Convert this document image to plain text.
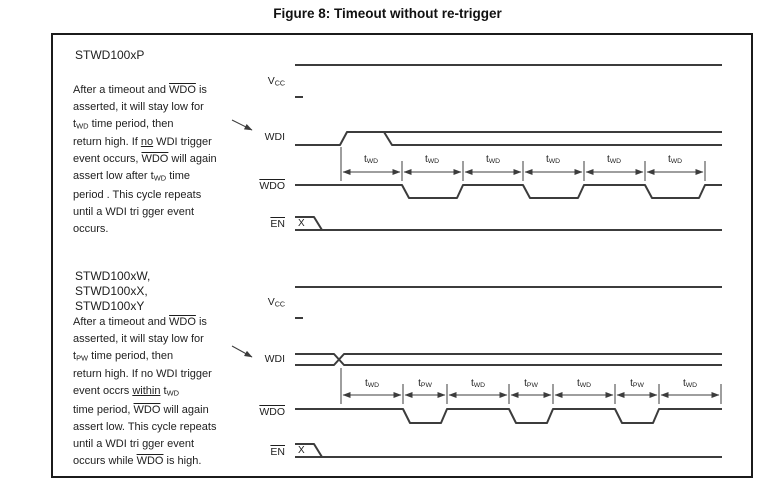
Figure 8: Timeout without re-trigger
STWD100xP
After a timeout and $\overline{WDO}$ is
asserted, it will stay low for
tWD time period, then
return high. If no WDI trigger
event occurs, $\overline{WDO}$ will again
assert low after tWD time
period . This cycle repeats
until a WDI tri gger event
occurs.
VCC
WDI
$\overline{WDO}$
$\overline{EN}$ X
tWD	tWD	tWD	tWD	tWD	tWD
STWD100xW,
STWD100xX,
STWD100xY
After a timeout and $\overline{WDO}$ is
asserted, it will stay low for
tPW time period, then
return high. If no WDI trigger
event occrs within tWD
time period, $\overline{WDO}$ will again
assert low. This cycle repeats
until a WDI tri gger event
occurs while $\overline{WDO}$ is high.
VCC
WDI
$\overline{WDO}$
$\overline{EN}$ X
tWD	tPW	tWD	tPW	tWD	tPW	tWD
